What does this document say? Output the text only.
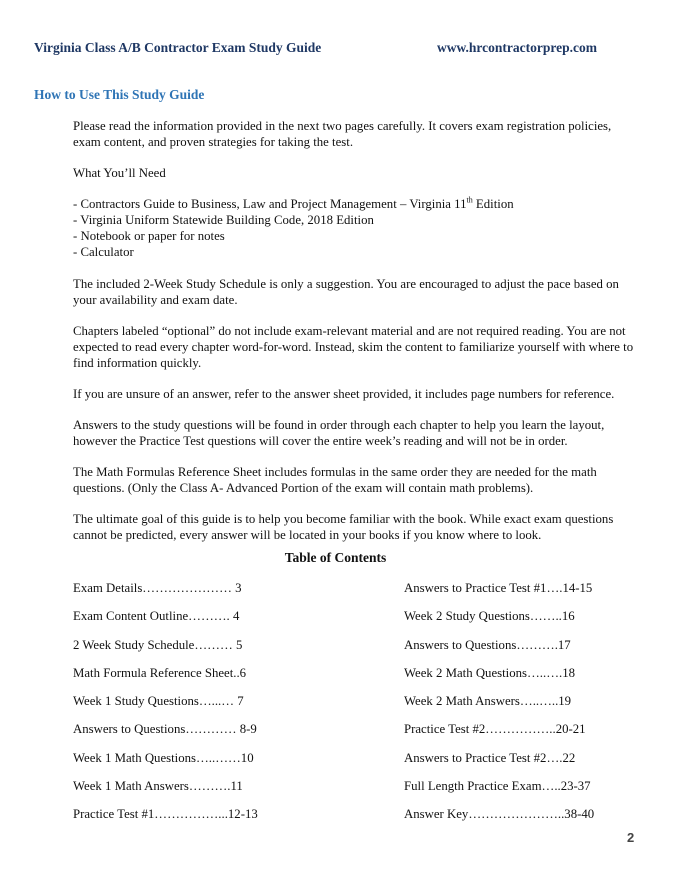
Virginia Class A/B Contractor Exam Study Guide	www.hrcontractorprep.com
How to Use This Study Guide

Please read the information provided in the next two pages carefully. It covers exam registration policies, exam content, and proven strategies for taking the test.

What You’ll Need

- Contractors Guide to Business, Law and Project Management – Virginia 11th Edition
- Virginia Uniform Statewide Building Code, 2018 Edition
- Notebook or paper for notes
- Calculator

The included 2-Week Study Schedule is only a suggestion. You are encouraged to adjust the pace based on your availability and exam date.

Chapters labeled “optional” do not include exam-relevant material and are not required reading. You are not expected to read every chapter word-for-word. Instead, skim the content to familiarize yourself with where to find information quickly.

If you are unsure of an answer, refer to the answer sheet provided, it includes page numbers for reference.

Answers to the study questions will be found in order through each chapter to help you learn the layout, however the Practice Test questions will cover the entire week’s reading and will not be in order.

The Math Formulas Reference Sheet includes formulas in the same order they are needed for the math questions. (Only the Class A- Advanced Portion of the exam will contain math problems).

The ultimate goal of this guide is to help you become familiar with the book. While exact exam questions cannot be predicted, every answer will be located in your books if you know where to look.

Table of Contents
Exam Details………………… 3
Exam Content Outline………. 4
2 Week Study Schedule……… 5
Math Formula Reference Sheet..6
Week 1 Study Questions…...… 7
Answers to Questions………… 8-9
Week 1 Math Questions…..……10
Week 1 Math Answers……….11
Practice Test #1……………...12-13
Answers to Practice Test #1….14-15
Week 2 Study Questions……..16
Answers to Questions……….17
Week 2 Math Questions…..….18
Week 2 Math Answers…..…..19
Practice Test #2……………..20-21
Answers to Practice Test #2….22
Full Length Practice Exam…..23-37
Answer Key…………………..38-40
2
